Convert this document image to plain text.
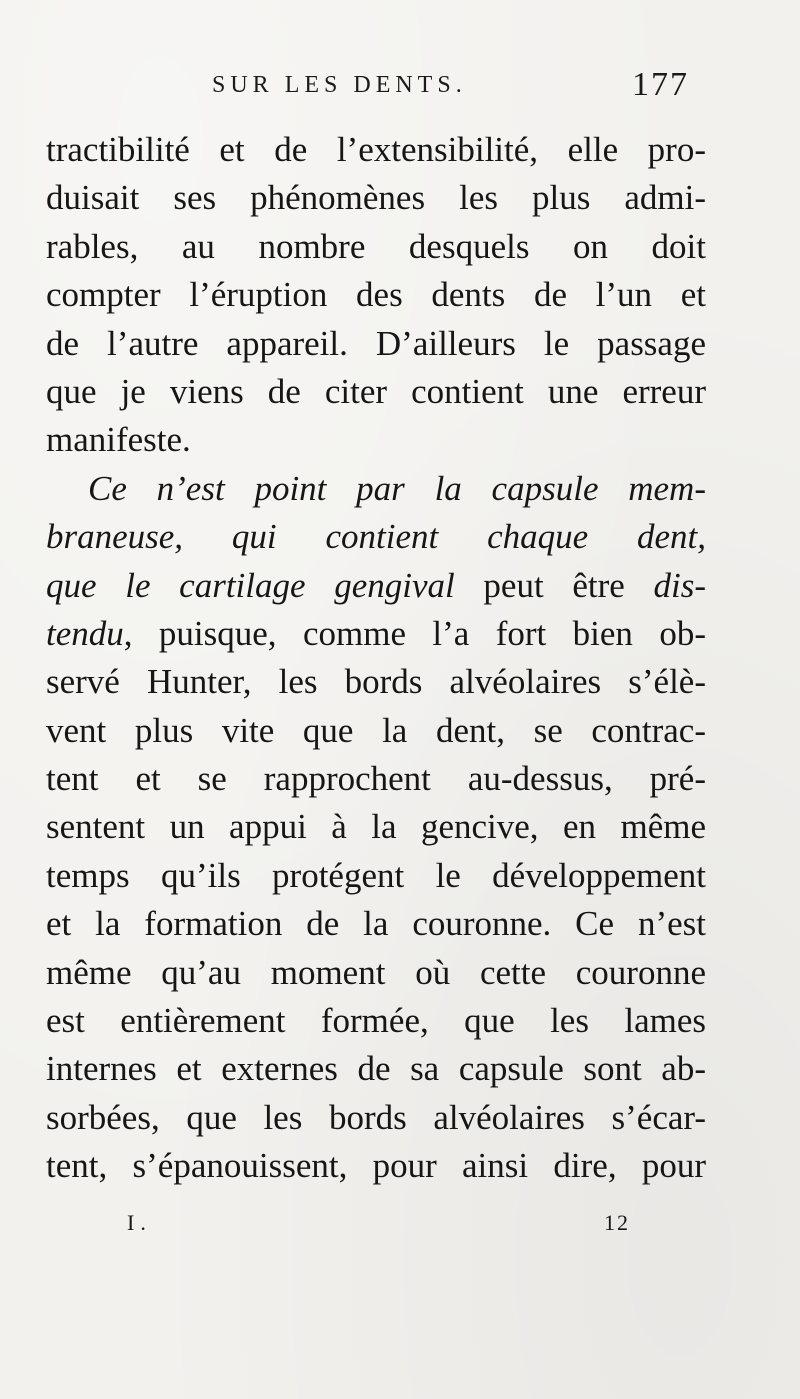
SUR LES DENTS.	177
tractibilité et de l’extensibilité, elle pro-
duisait ses phénomènes les plus admi-
rables, au nombre desquels on doit
compter l’éruption des dents de l’un et
de l’autre appareil. D’ailleurs le passage
que je viens de citer contient une erreur
manifeste.
Ce n’est point par la capsule mem-
braneuse, qui contient chaque dent,
que le cartilage gengival peut être dis-
tendu, puisque, comme l’a fort bien ob-
servé Hunter, les bords alvéolaires s’élè-
vent plus vite que la dent, se contrac-
tent et se rapprochent au-dessus, pré-
sentent un appui à la gencive, en même
temps qu’ils protégent le développement
et la formation de la couronne. Ce n’est
même qu’au moment où cette couronne
est entièrement formée, que les lames
internes et externes de sa capsule sont ab-
sorbées, que les bords alvéolaires s’écar-
tent, s’épanouissent, pour ainsi dire, pour
I.	12
